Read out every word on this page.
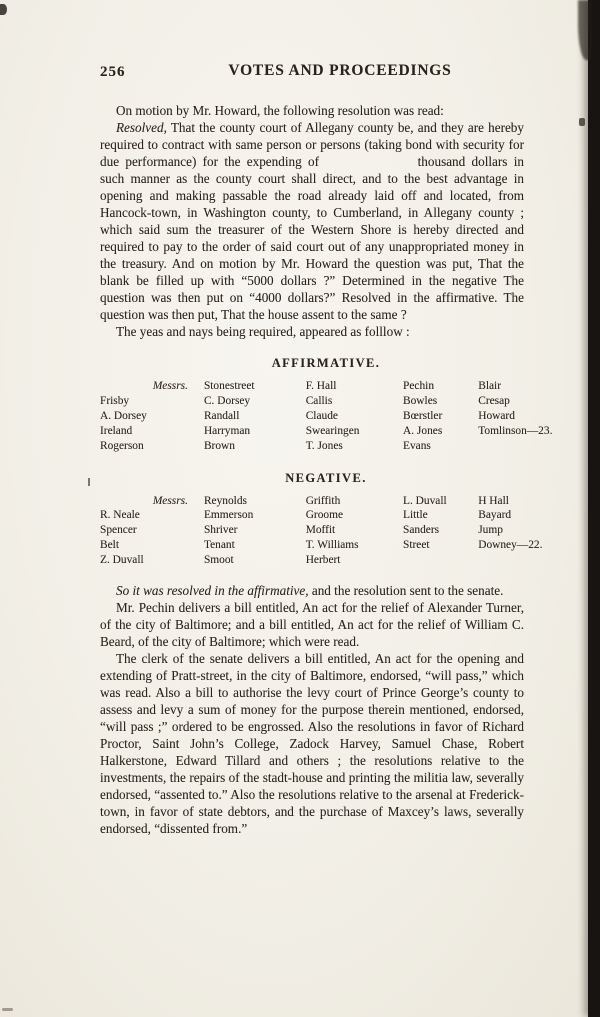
256	VOTES AND PROCEEDINGS

On motion by Mr. Howard, the following resolution was read:

Resolved, That the county court of Allegany county be, and they are hereby required to contract with same person or persons (taking bond with security for due performance) for the expending of	thousand dollars in such manner as the county court shall direct, and to the best advantage in opening and making passable the road already laid off and located, from Hancock-town, in Washington county, to Cumberland, in Allegany county ; which said sum the treasurer of the Western Shore is hereby directed and required to pay to the order of said court out of any unappropriated money in the treasury. And on motion by Mr. Howard the question was put, That the blank be filled up with “5000 dollars ?” Determined in the negative The question was then put on “4000 dollars?” Resolved in the affirmative. The question was then put, That the house assent to the same ?

The yeas and nays being required, appeared as folllow :

AFFIRMATIVE.
Messrs.	Stonestreet	F. Hall	Pechin	Blair
Frisby	C. Dorsey	Callis	Bowles	Cresap
A. Dorsey	Randall	Claude	Bœrstler	Howard
Ireland	Harryman	Swearingen	A. Jones	Tomlinson—23.
Rogerson	Brown	T. Jones	Evans	
NEGATIVE.
Messrs.	Reynolds	Griffith	L. Duvall	H Hall
R. Neale	Emmerson	Groome	Little	Bayard
Spencer	Shriver	Moffit	Sanders	Jump
Belt	Tenant	T. Williams	Street	Downey—22.
Z. Duvall	Smoot	Herbert		

So it was resolved in the affirmative, and the resolution sent to the senate.

Mr. Pechin delivers a bill entitled, An act for the relief of Alexander Turner, of the city of Baltimore; and a bill entitled, An act for the relief of William C. Beard, of the city of Baltimore; which were read.

The clerk of the senate delivers a bill entitled, An act for the opening and extending of Pratt-street, in the city of Baltimore, endorsed, “will pass,” which was read. Also a bill to authorise the levy court of Prince George’s county to assess and levy a sum of money for the purpose therein mentioned, endorsed, “will pass ;” ordered to be engrossed. Also the resolutions in favor of Richard Proctor, Saint John’s College, Zadock Harvey, Samuel Chase, Robert Halkerstone, Edward Tillard and others ; the resolutions relative to the investments, the repairs of the stadt-house and printing the militia law, severally endorsed, “assented to.” Also the resolutions relative to the arsenal at Frederick-town, in favor of state debtors, and the purchase of Maxcey’s laws, severally endorsed, “dissented from.”
